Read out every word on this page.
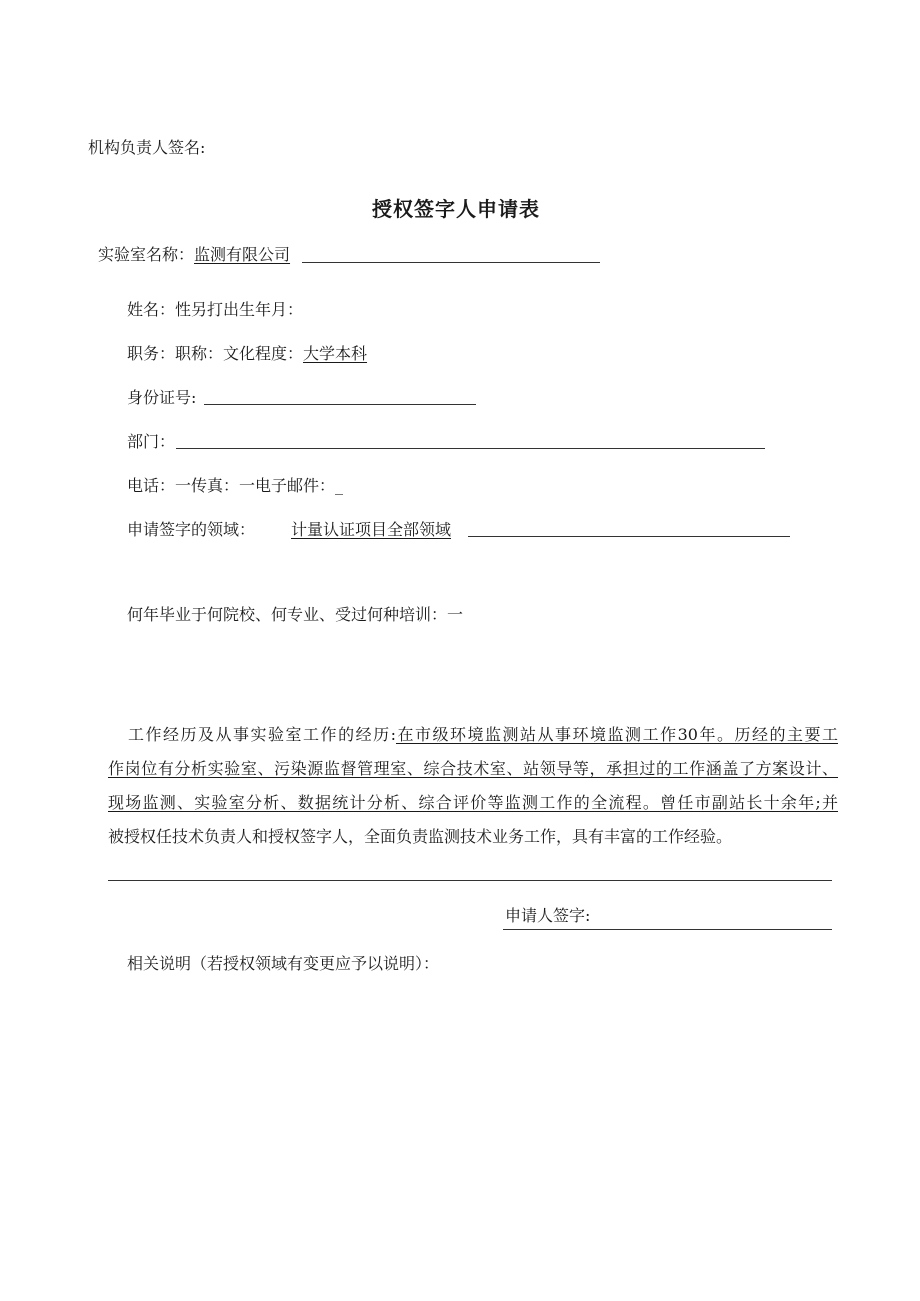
机构负责人签名:
授权签字人申请表
实验室名称：监测有限公司
姓名：性另打出生年月：
职务：职称：文化程度：大学本科
身份证号:
部门：
电话：一传真：一电子邮件：_
申请签字的领域： 计量认证项目全部领域
何年毕业于何院校、何专业、受过何种培训：一
工作经历及从事实验室工作的经历:在市级环境监测站从事环境监测工作30年。历经的主要工
作岗位有分析实验室、污染源监督管理室、综合技术室、站领导等，承担过的工作涵盖了方案设计、
现场监测、实验室分析、数据统计分析、综合评价等监测工作的全流程。曾任市副站长十余年;并
被授权任技术负责人和授权签字人，全面负责监测技术业务工作，具有丰富的工作经验。
申请人签字:
相关说明（若授权领域有变更应予以说明）：
